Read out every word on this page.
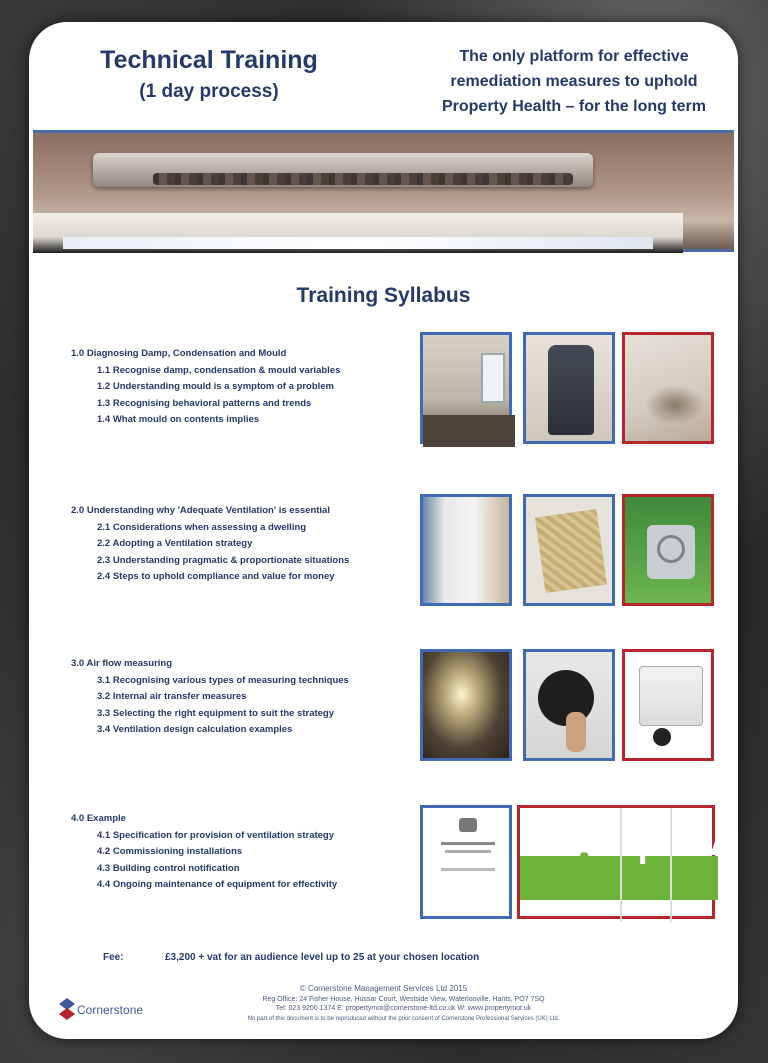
Technical Training
(1 day process)
The only platform for effective
remediation measures to uphold
Property Health – for the long term
Training Syllabus
1.0 Diagnosing Damp, Condensation and Mould
1.1 Recognise damp, condensation & mould variables
1.2 Understanding mould is a symptom of a problem
1.3 Recognising behavioral patterns and trends
1.4 What mould on contents implies
2.0 Understanding why 'Adequate Ventilation' is essential
2.1 Considerations when assessing a dwelling
2.2 Adopting a Ventilation strategy
2.3 Understanding pragmatic & proportionate situations
2.4 Steps to uphold compliance and value for money
3.0 Air flow measuring
3.1 Recognising various types of measuring techniques
3.2 Internal air transfer measures
3.3 Selecting the right equipment to suit the strategy
3.4 Ventilation design calculation examples
4.0 Example
4.1 Specification for provision of ventilation strategy
4.2 Commissioning installations
4.3 Building control notification
4.4 Ongoing maintenance of equipment for effectivity
A F L1A
Fee:	£3,200 + vat for an audience level up to 25 at your chosen location
© Cornerstone Management Services Ltd 2015
Reg Office: 24 Fisher House, Hussar Court, Westside View, Waterlooville, Hants, PO7 7SQ
Tel: 023 9200 1374 E: propertymot@cornerstone-ltd.co.uk W: www.propertymot.uk
No part of this document is to be reproduced without the prior consent of Cornerstone Professional Services (UK) Ltd.
Cornerstone
